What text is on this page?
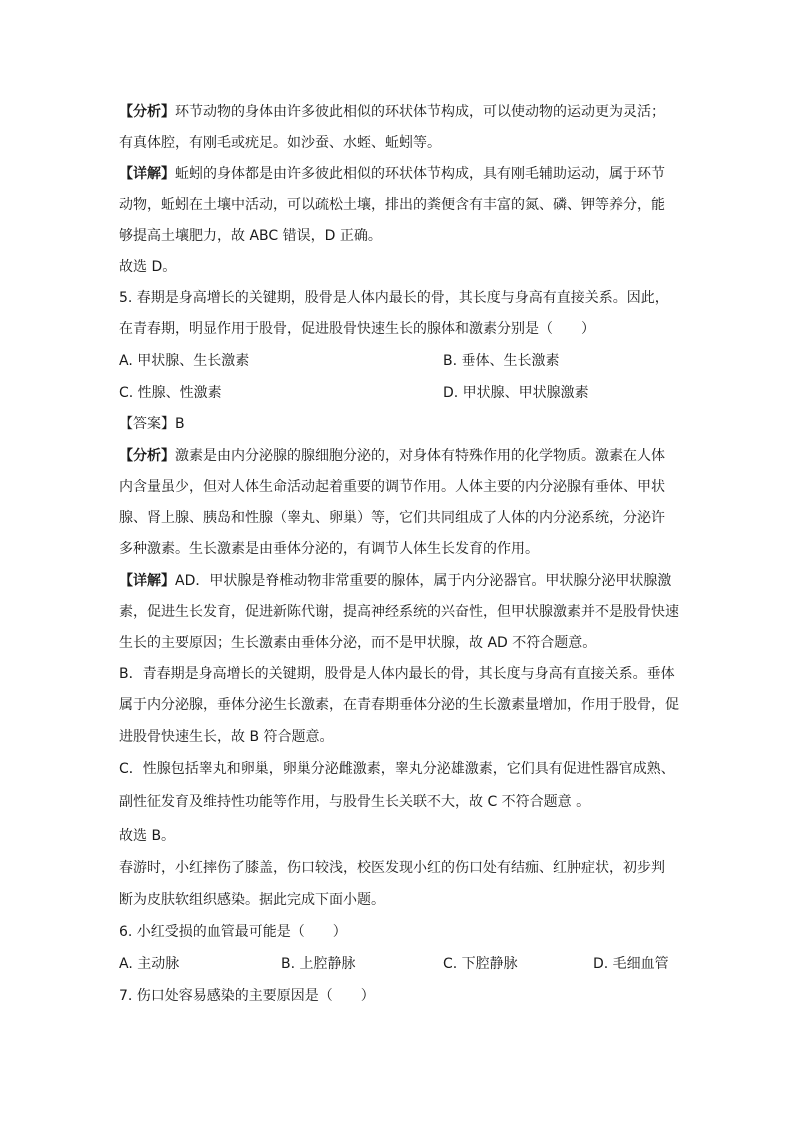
【分析】环节动物的身体由许多彼此相似的环状体节构成，可以使动物的运动更为灵活；
有真体腔，有刚毛或疣足。如沙蚕、水蛭、蚯蚓等。
【详解】蚯蚓的身体都是由许多彼此相似的环状体节构成，具有刚毛辅助运动，属于环节
动物，蚯蚓在土壤中活动，可以疏松土壤，排出的粪便含有丰富的氮、磷、钾等养分，能
够提高土壤肥力，故 ABC 错误，D 正确。
故选 D。
5. 春期是身高增长的关键期，股骨是人体内最长的骨，其长度与身高有直接关系。因此，
在青春期，明显作用于股骨，促进股骨快速生长的腺体和激素分别是（　　）
A. 甲状腺、生长激素	B. 垂体、生长激素
C. 性腺、性激素	D. 甲状腺、甲状腺激素
【答案】B
【分析】激素是由内分泌腺的腺细胞分泌的，对身体有特殊作用的化学物质。激素在人体
内含量虽少，但对人体生命活动起着重要的调节作用。人体主要的内分泌腺有垂体、甲状
腺、肾上腺、胰岛和性腺（睾丸、卵巢）等，它们共同组成了人体的内分泌系统，分泌许
多种激素。生长激素是由垂体分泌的，有调节人体生长发育的作用。
【详解】AD．甲状腺是脊椎动物非常重要的腺体，属于内分泌器官。甲状腺分泌甲状腺激
素，促进生长发育，促进新陈代谢，提高神经系统的兴奋性，但甲状腺激素并不是股骨快速
生长的主要原因；生长激素由垂体分泌，而不是甲状腺，故 AD 不符合题意。
B．青春期是身高增长的关键期，股骨是人体内最长的骨，其长度与身高有直接关系。垂体
属于内分泌腺，垂体分泌生长激素，在青春期垂体分泌的生长激素量增加，作用于股骨，促
进股骨快速生长，故 B 符合题意。
C．性腺包括睾丸和卵巢，卵巢分泌雌激素，睾丸分泌雄激素，它们具有促进性器官成熟、
副性征发育及维持性功能等作用，与股骨生长关联不大，故 C 不符合题意 。
故选 B。
春游时，小红摔伤了膝盖，伤口较浅，校医发现小红的伤口处有结痂、红肿症状，初步判
断为皮肤软组织感染。据此完成下面小题。
6. 小红受损的血管最可能是（　　）
A. 主动脉	B. 上腔静脉	C. 下腔静脉	D. 毛细血管
7. 伤口处容易感染的主要原因是（　　）
